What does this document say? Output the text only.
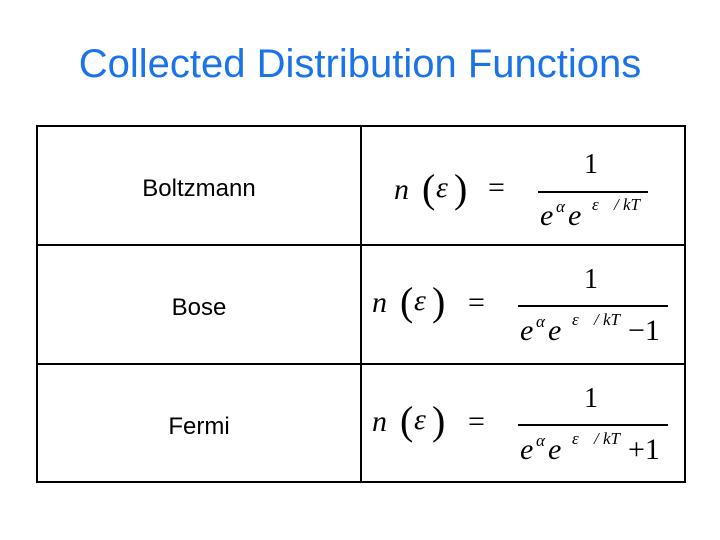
Collected Distribution Functions
Boltzmann	n ( ε ) =
1
e α e ε / kT
Bose	n ( ε ) =
1
e α e ε / kT −1
Fermi	n ( ε ) =
1
e α e ε / kT +1
